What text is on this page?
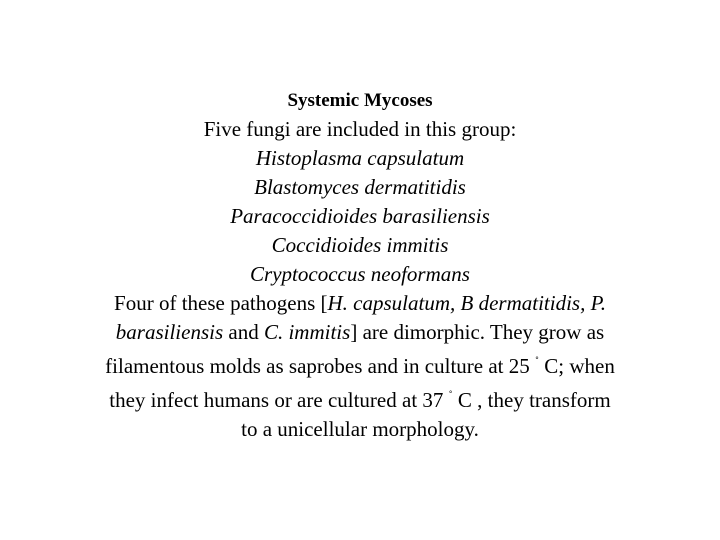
Systemic Mycoses
Five fungi are included in this group:
Histoplasma capsulatum
Blastomyces dermatitidis
Paracoccidioides barasiliensis
Coccidioides immitis
Cryptococcus neoformans
Four of these pathogens [H. capsulatum, B dermatitidis, P.
barasiliensis and C. immitis] are dimorphic. They grow as
filamentous molds as saprobes and in culture at 25 ˚ C; when
they infect humans or are cultured at 37 ˚ C , they transform
to a unicellular morphology.
